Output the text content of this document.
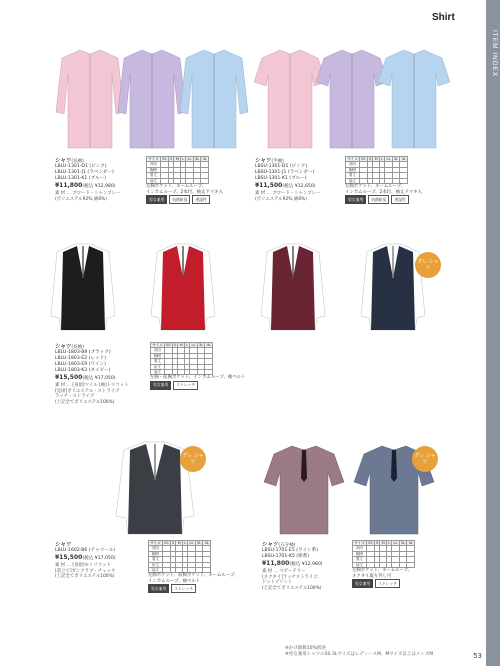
ITEM INDEX
Shirt
シャツ(長袖)
LBLU-1301-D1 (ピンク)
LBLU-1301-J1 (ラベンダー)
LBLU-1301-K1 (ブルー)
¥11,800(税込 ¥12,980)
素 材 … ブロード・シャンブレー
(ポリエステル92% 綿8%)
サイズ	SS	S	M	L	LL	3L	4L
首回							
胸囲							
着丈							
袖丈							
左胸ポケット、ネームループ、
インカムループ、2本付、袖丈ドマキ入
男女兼用	抗菌防臭	透湿性
シャツ(半袖)
LBSU-1301-D1 (ピンク)
LBSU-1301-J1 (ラベンダー)
LBSU-1301-K1 (ブルー)
¥11,500(税込 ¥12,650)
素 材 … ブロード・シャンブレー
(ポリエステル92% 綿8%)
サイズ	SS	S	M	L	LL	3L	4L
首回							
胸囲							
着丈							
袖丈							
左胸ポケット、ネームループ、
インカムループ、2本付、袖丈ドマキ入
男女兼用	抗菌防臭	透湿性
グレ シャツ
シャツ(長袖)
LBLU-1803-B9 (ブラック)
LBLU-1803-E2 (レッド)
LBLU-1803-E9 (ワイン)
LBLU-1803-K3 (ネイビー)
¥15,500(税込 ¥17,050)
素 材 … [身頃]ツイル [袖]トリコット
[見頃]ポリエステル・ストライプ
ラッチ・ストライプ
(上記全てポリエステル100%)
サイズ	SS	S	M	L	LL	3L	4L
首回							
胸囲							
着丈							
裄丈							
袖丈							
左胸・前胸ポケット、インカムループ、袖ベルト
男女兼用	ストレッチ
グレ シャツ
シャツ
LBLU-1602-B6 (チャコール)
¥15,500(税込 ¥17,050)
素 材 … [身頃]モトリコット
[前立て]ガンクラブ・チェック
(上記全てポリエステル100%)
サイズ	SS	S	M	L	LL	3L	4L
首回							
胸囲							
着丈							
裄丈							
袖丈							
左胸ポケット、前胸ポケット、ネームループ、
インカムループ、袖ベルト
男女兼用	ストレッチ
グレ シャツ
シャツ(五分袖)
LBSU-1701-E5 (ワイン系)
LBSU-1701-K5 (紺系)
¥11,800(税込 ¥12,980)
素 材 … ベビーテリー
[ネクタイ]ラッチストライプ、
ドットプリント
(上記全てポリエステル100%)
サイズ	SS	S	M	L	LL	3L	4L
首回							
胸囲							
着丈							
袖丈							
左胸ポケット、ネームループ、
ネクタイ取り外し可
男女兼用	ストレッチ
※かけ値数10%別途
※男女兼用シャツのSS-3LサイズはレディースM、Mサイズ以上はメンズM	53
